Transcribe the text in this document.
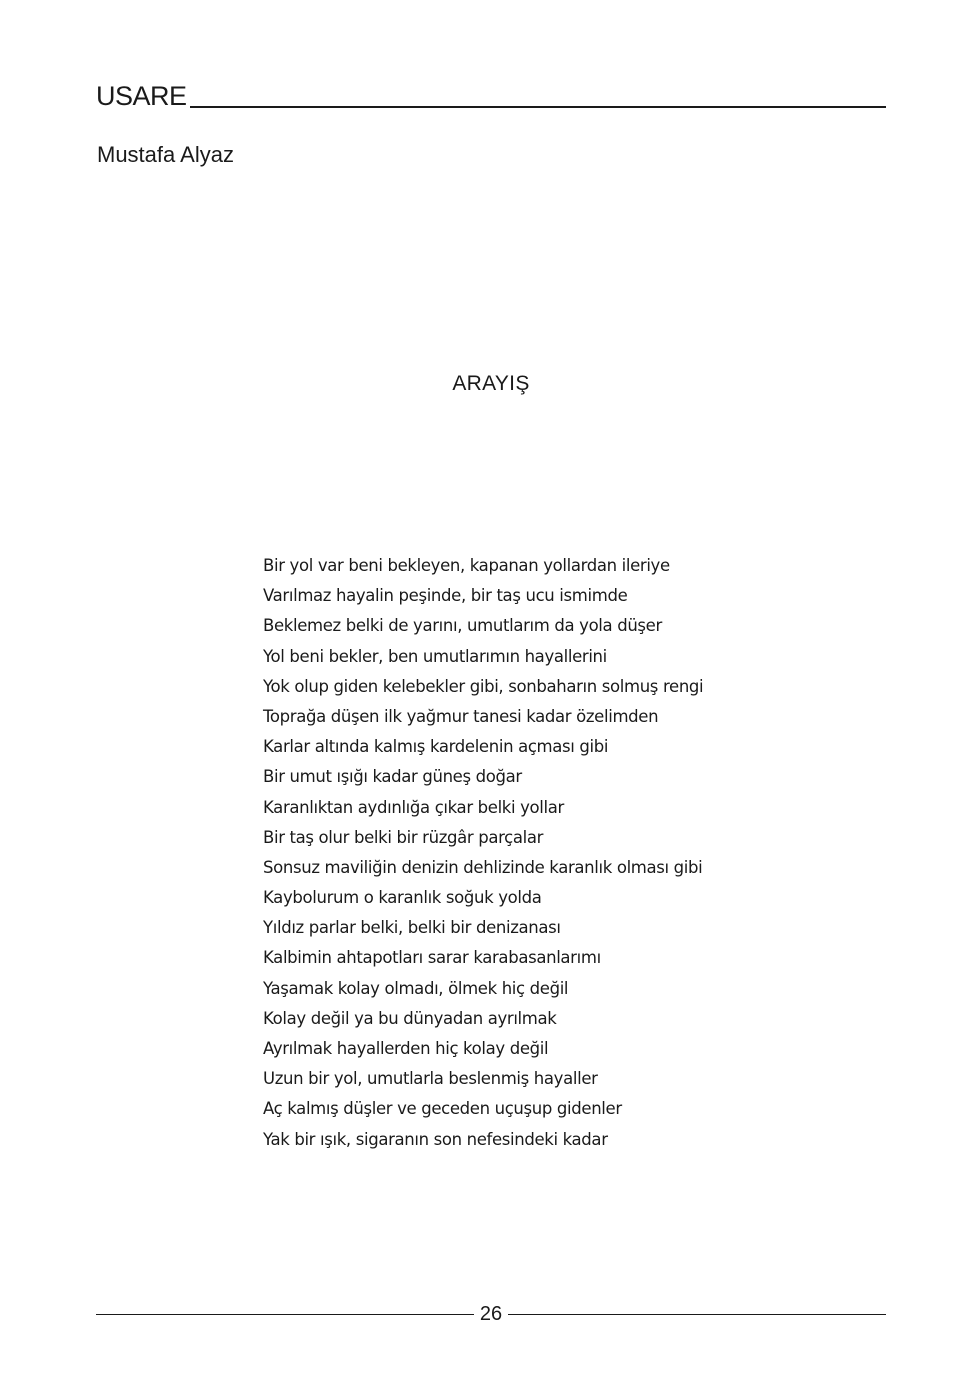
USARE
Mustafa Alyaz
ARAYIŞ
Bir yol var beni bekleyen, kapanan yollardan ileriye
Varılmaz hayalin peşinde, bir taş ucu ismimde
Beklemez belki de yarını, umutlarım da yola düşer
Yol beni bekler, ben umutlarımın hayallerini
Yok olup giden kelebekler gibi, sonbaharın solmuş rengi
Toprağa düşen ilk yağmur tanesi kadar özelimden
Karlar altında kalmış kardelenin açması gibi
Bir umut ışığı kadar güneş doğar
Karanlıktan aydınlığa çıkar belki yollar
Bir taş olur belki bir rüzgâr parçalar
Sonsuz maviliğin denizin dehlizinde karanlık olması gibi
Kaybolurum o karanlık soğuk yolda
Yıldız parlar belki, belki bir denizanası
Kalbimin ahtapotları sarar karabasanlarımı
Yaşamak kolay olmadı, ölmek hiç değil
Kolay değil ya bu dünyadan ayrılmak
Ayrılmak hayallerden hiç kolay değil
Uzun bir yol, umutlarla beslenmiş hayaller
Aç kalmış düşler ve geceden uçuşup gidenler
Yak bir ışık, sigaranın son nefesindeki kadar
26
